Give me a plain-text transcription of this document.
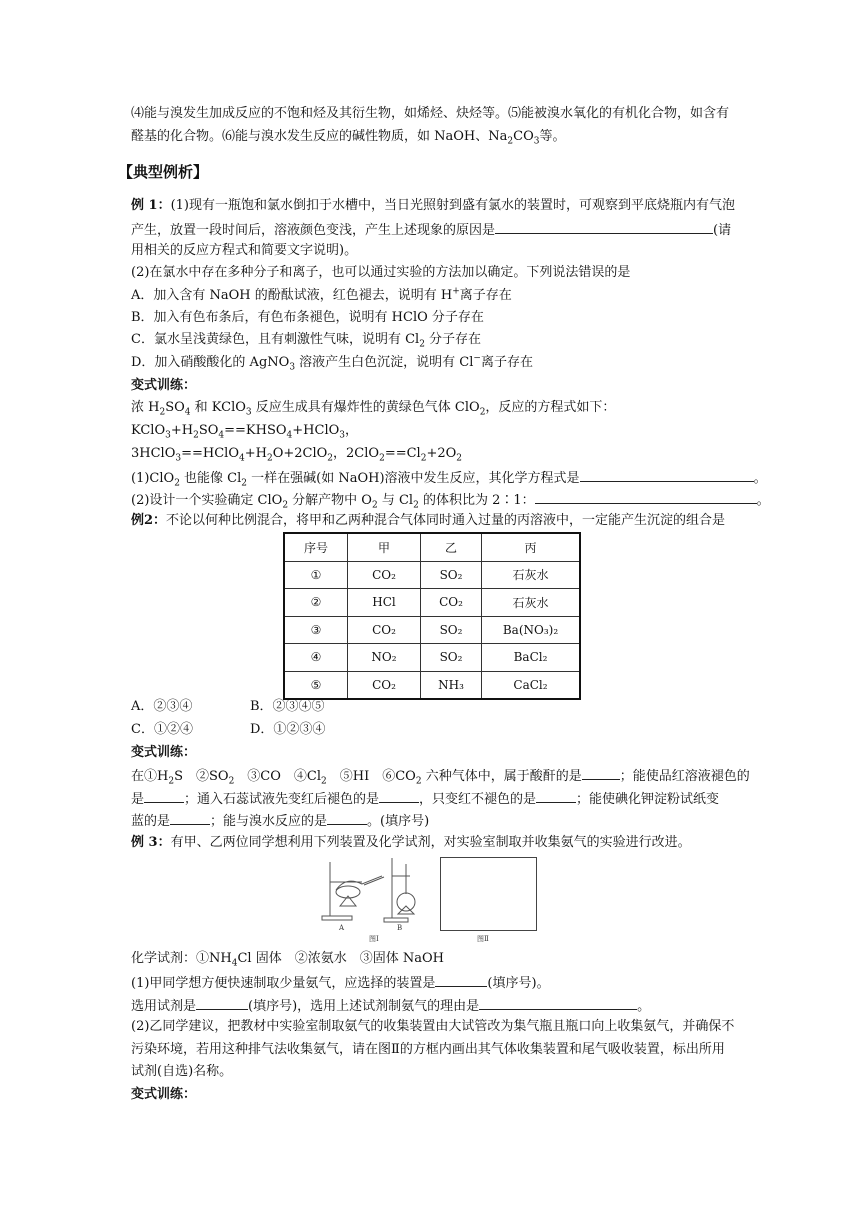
⑷能与溴发生加成反应的不饱和烃及其衍生物，如烯烃、炔烃等。⑸能被溴水氧化的有机化合物，如含有
醛基的化合物。⑹能与溴水发生反应的碱性物质，如 NaOH、$Na_2CO_3$等。
【典型例析】
例 1：(1)现有一瓶饱和氯水倒扣于水槽中，当日光照射到盛有氯水的装置时，可观察到平底烧瓶内有气泡
产生，放置一段时间后，溶液颜色变浅，产生上述现象的原因是	(请
用相关的反应方程式和简要文字说明)。
(2)在氯水中存在多种分子和离子，也可以通过实验的方法加以确定。下列说法错误的是
A．加入含有 NaOH 的酚酞试液，红色褪去，说明有 H+离子存在
B．加入有色布条后，有色布条褪色，说明有 HClO 分子存在
C．氯水呈浅黄绿色，且有刺激性气味，说明有 $Cl_2$ 分子存在
D．加入硝酸酸化的 AgNO$_3$ 溶液产生白色沉淀，说明有 Cl−离子存在
变式训练：
浓 $H_2SO_4$ 和 KClO$_3$ 反应生成具有爆炸性的黄绿色气体 ClO$_2$，反应的方程式如下：
$KClO_3+H_2SO_4==KHSO_4+HClO_3$，
$3HClO_3==HClO_4+H_2O+2ClO_2$，$2ClO_2==Cl_2+2O_2$
(1)ClO$_2$ 也能像 $Cl_2$ 一样在强碱(如 NaOH)溶液中发生反应，其化学方程式是	。
(2)设计一个实验确定 ClO$_2$ 分解产物中 $O_2$ 与 $Cl_2$ 的体积比为 2∶1：	。
例2：不论以何种比例混合，将甲和乙两种混合气体同时通入过量的丙溶液中，一定能产生沉淀的组合是
序号	甲	乙	丙
①	CO₂	SO₂	石灰水
②	HCl	CO₂	石灰水
③	CO₂	SO₂	Ba(NO₃)₂
④	NO₂	SO₂	BaCl₂
⑤	CO₂	NH₃	CaCl₂
A．②③④	B．②③④⑤
C．①②④	D．①②③④
变式训练：
在$①H_2S$　$②SO_2$　③CO　$④Cl_2$　⑤HI　$⑥CO_2$ 六种气体中，属于酸酐的是	；能使品红溶液褪色的
是	；通入石蕊试液先变红后褪色的是	，只变红不褪色的是	；能使碘化钾淀粉试纸变
蓝的是	；能与溴水反应的是	。(填序号)
例 3：有甲、乙两位同学想利用下列装置及化学试剂，对实验室制取并收集氨气的实验进行改进。
A	B
图Ⅰ	图Ⅱ
化学试剂：$①NH_4Cl$ 固体　②浓氨水　③固体 NaOH
(1)甲同学想方便快速制取少量氨气，应选择的装置是	(填序号)。
选用试剂是	(填序号)，选用上述试剂制氨气的理由是	。
(2)乙同学建议，把教材中实验室制取氨气的收集装置由大试管改为集气瓶且瓶口向上收集氨气，并确保不
污染环境，若用这种排气法收集氨气，请在图Ⅱ的方框内画出其气体收集装置和尾气吸收装置，标出所用
试剂(自选)名称。
变式训练：
